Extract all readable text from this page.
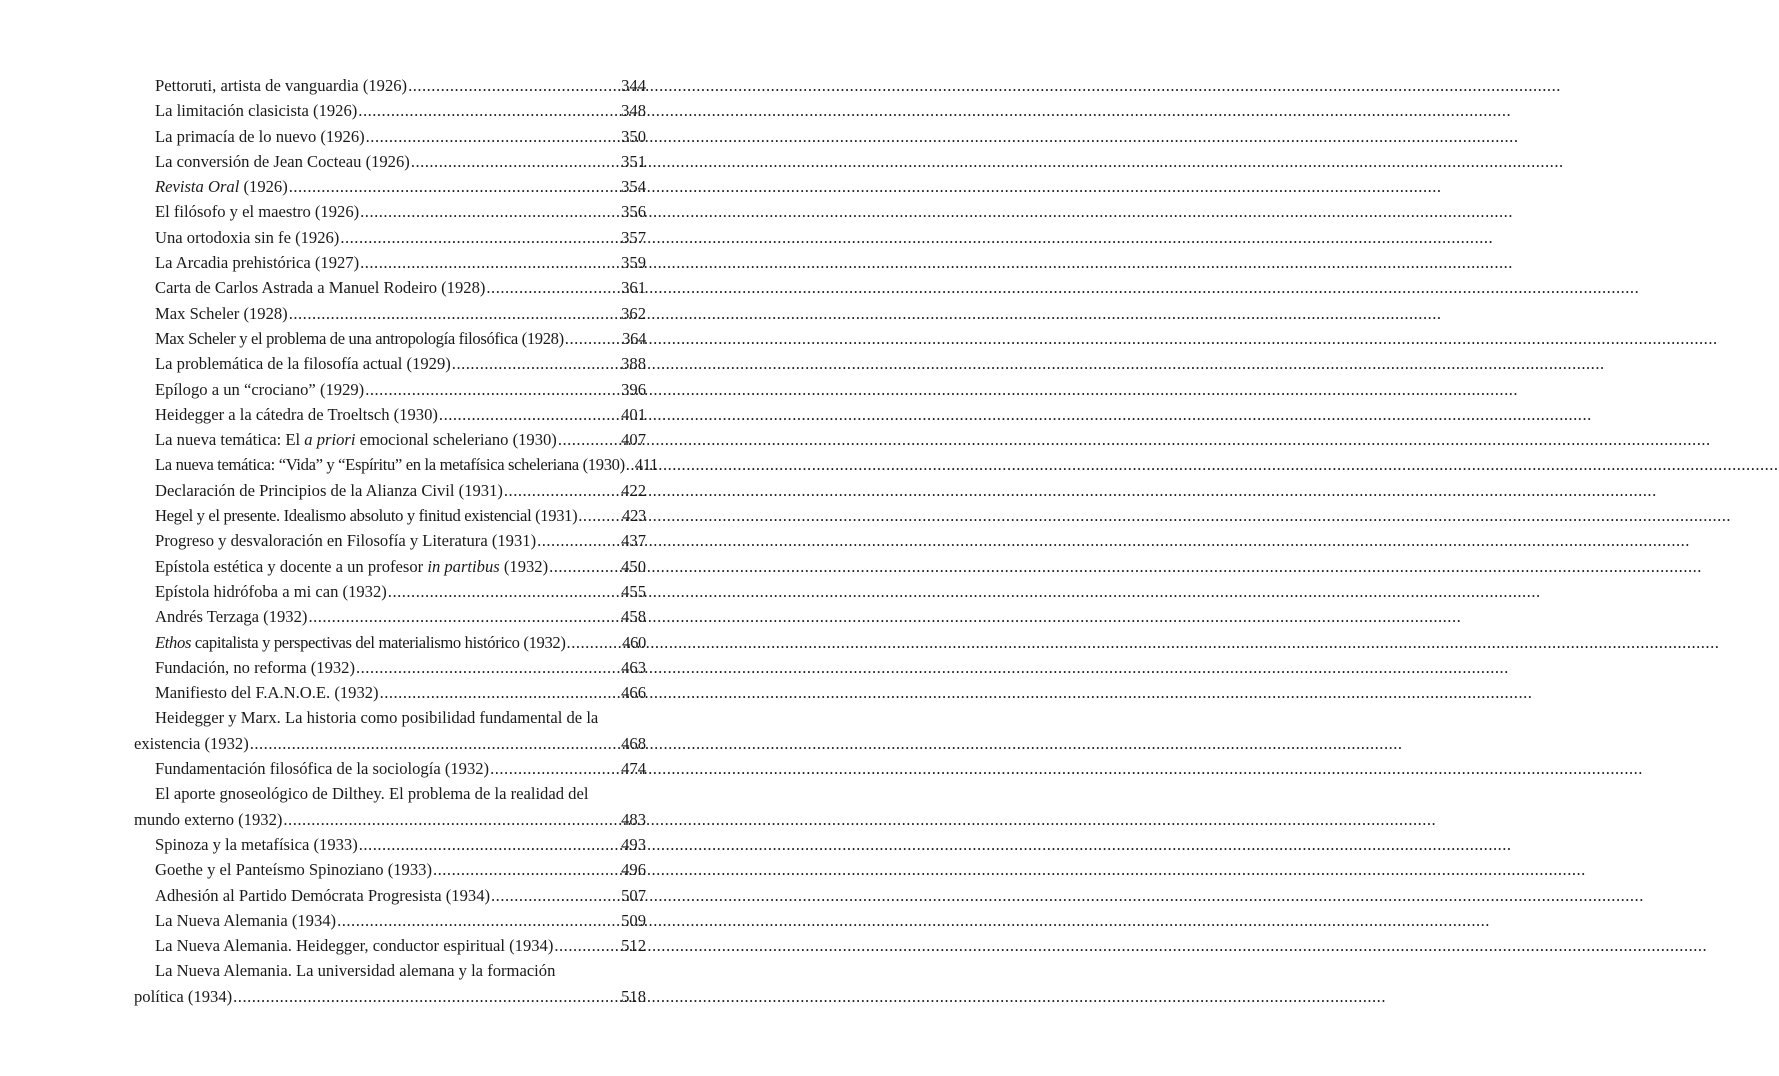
Pettoruti, artista de vanguardia (1926) .....	344
La limitación clasicista (1926) .....	348
La primacía de lo nuevo (1926) .....	350
La conversión de Jean Cocteau (1926) .....	351
Revista Oral (1926) .....	354
El filósofo y el maestro (1926) .....	356
Una ortodoxia sin fe (1926) .....	357
La Arcadia prehistórica (1927) .....	359
Carta de Carlos Astrada a Manuel Rodeiro (1928) .....	361
Max Scheler (1928) .....	362
Max Scheler y el problema de una antropología filosófica (1928) .....	364
La problemática de la filosofía actual (1929) .....	388
Epílogo a un “crociano” (1929) .....	396
Heidegger a la cátedra de Troeltsch (1930) .....	401
La nueva temática: El a priori emocional scheleriano (1930) .....	407
La nueva temática: “Vida” y “Espíritu” en la metafísica scheleriana (1930) ..... 411
Declaración de Principios de la Alianza Civil (1931) .....	422
Hegel y el presente. Idealismo absoluto y finitud existencial (1931) .....	423
Progreso y desvaloración en Filosofía y Literatura (1931) .....	437
Epístola estética y docente a un profesor in partibus (1932) .....	450
Epístola hidrófoba a mi can (1932) .....	455
Andrés Terzaga (1932) .....	458
Ethos capitalista y perspectivas del materialismo histórico (1932) .....	460
Fundación, no reforma (1932) .....	463
Manifiesto del F.A.N.O.E. (1932) .....	466
Heidegger y Marx. La historia como posibilidad fundamental de la
existencia (1932) .....	468
Fundamentación filosófica de la sociología (1932) .....	474
El aporte gnoseológico de Dilthey. El problema de la realidad del
mundo externo (1932) .....	483
Spinoza y la metafísica (1933) .....	493
Goethe y el Panteísmo Spinoziano (1933) .....	496
Adhesión al Partido Demócrata Progresista (1934) .....	507
La Nueva Alemania (1934) .....	509
La Nueva Alemania. Heidegger, conductor espiritual (1934) .....	512
La Nueva Alemania. La universidad alemana y la formación
política (1934) .....	518
